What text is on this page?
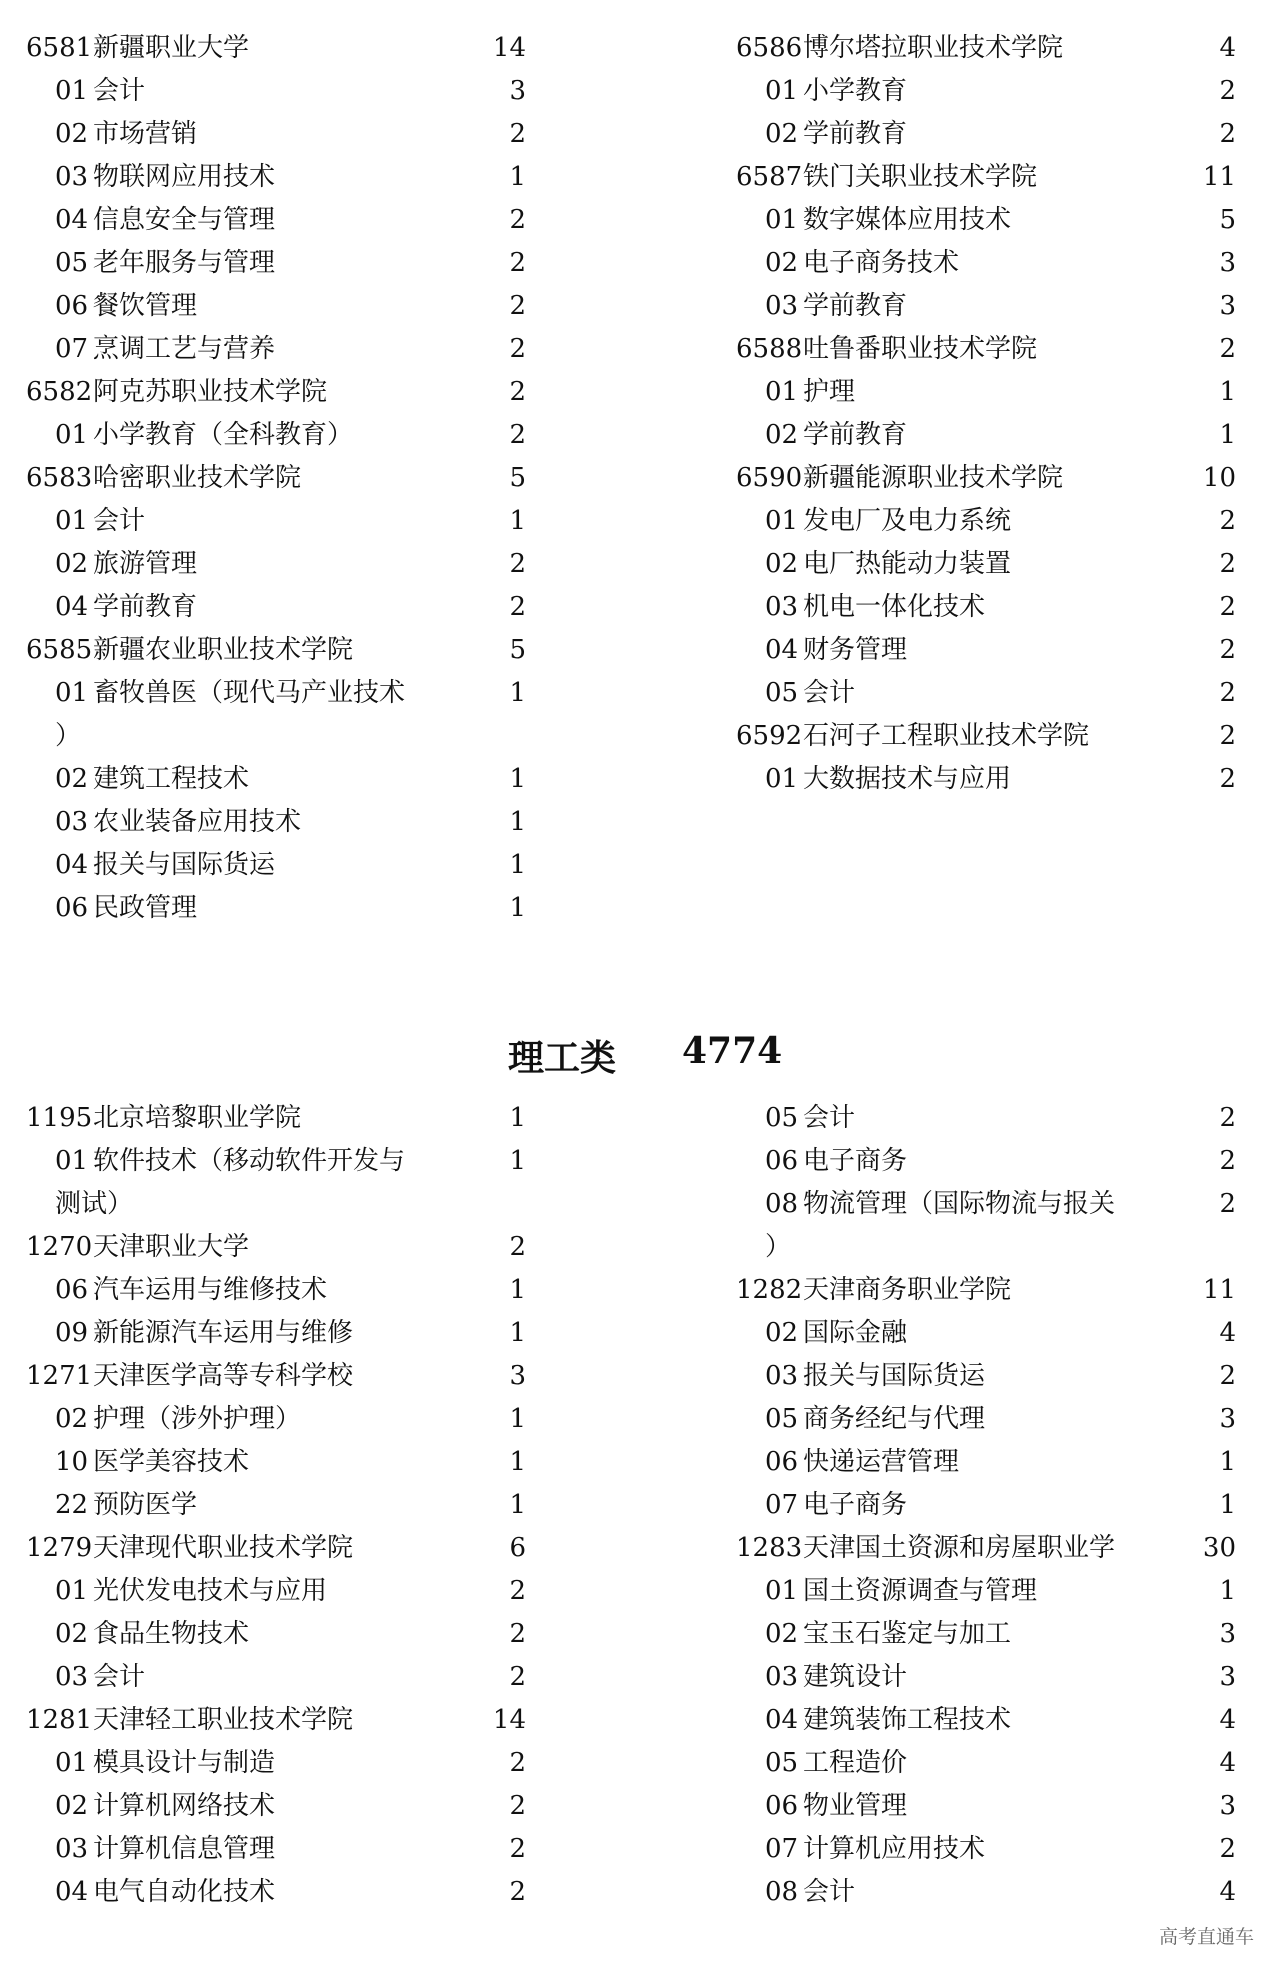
6581 新疆职业大学	14
01 会计	3
02 市场营销	2
03 物联网应用技术	1
04 信息安全与管理	2
05 老年服务与管理	2
06 餐饮管理	2
07 烹调工艺与营养	2
6582 阿克苏职业技术学院	2
01 小学教育（全科教育）	2
6583 哈密职业技术学院	5
01 会计	1
02 旅游管理	2
04 学前教育	2
6585 新疆农业职业技术学院	5
01 畜牧兽医（现代马产业技术	1
）
02 建筑工程技术	1
03 农业装备应用技术	1
04 报关与国际货运	1
06 民政管理	1
6586 博尔塔拉职业技术学院	4
01 小学教育	2
02 学前教育	2
6587 铁门关职业技术学院	11
01 数字媒体应用技术	5
02 电子商务技术	3
03 学前教育	3
6588 吐鲁番职业技术学院	2
01 护理	1
02 学前教育	1
6590 新疆能源职业技术学院	10
01 发电厂及电力系统	2
02 电厂热能动力装置	2
03 机电一体化技术	2
04 财务管理	2
05 会计	2
6592 石河子工程职业技术学院	2
01 大数据技术与应用	2
理工类 4774
1195 北京培黎职业学院	1
01 软件技术（移动软件开发与	1
测试）
1270 天津职业大学	2
06 汽车运用与维修技术	1
09 新能源汽车运用与维修	1
1271 天津医学高等专科学校	3
02 护理（涉外护理）	1
10 医学美容技术	1
22 预防医学	1
1279 天津现代职业技术学院	6
01 光伏发电技术与应用	2
02 食品生物技术	2
03 会计	2
1281 天津轻工职业技术学院	14
01 模具设计与制造	2
02 计算机网络技术	2
03 计算机信息管理	2
04 电气自动化技术	2
05 会计	2
06 电子商务	2
08 物流管理（国际物流与报关	2
）
1282 天津商务职业学院	11
02 国际金融	4
03 报关与国际货运	2
05 商务经纪与代理	3
06 快递运营管理	1
07 电子商务	1
1283 天津国土资源和房屋职业学	30
01 国土资源调查与管理	1
02 宝玉石鉴定与加工	3
03 建筑设计	3
04 建筑装饰工程技术	4
05 工程造价	4
06 物业管理	3
07 计算机应用技术	2
08 会计	4
高考直通车
